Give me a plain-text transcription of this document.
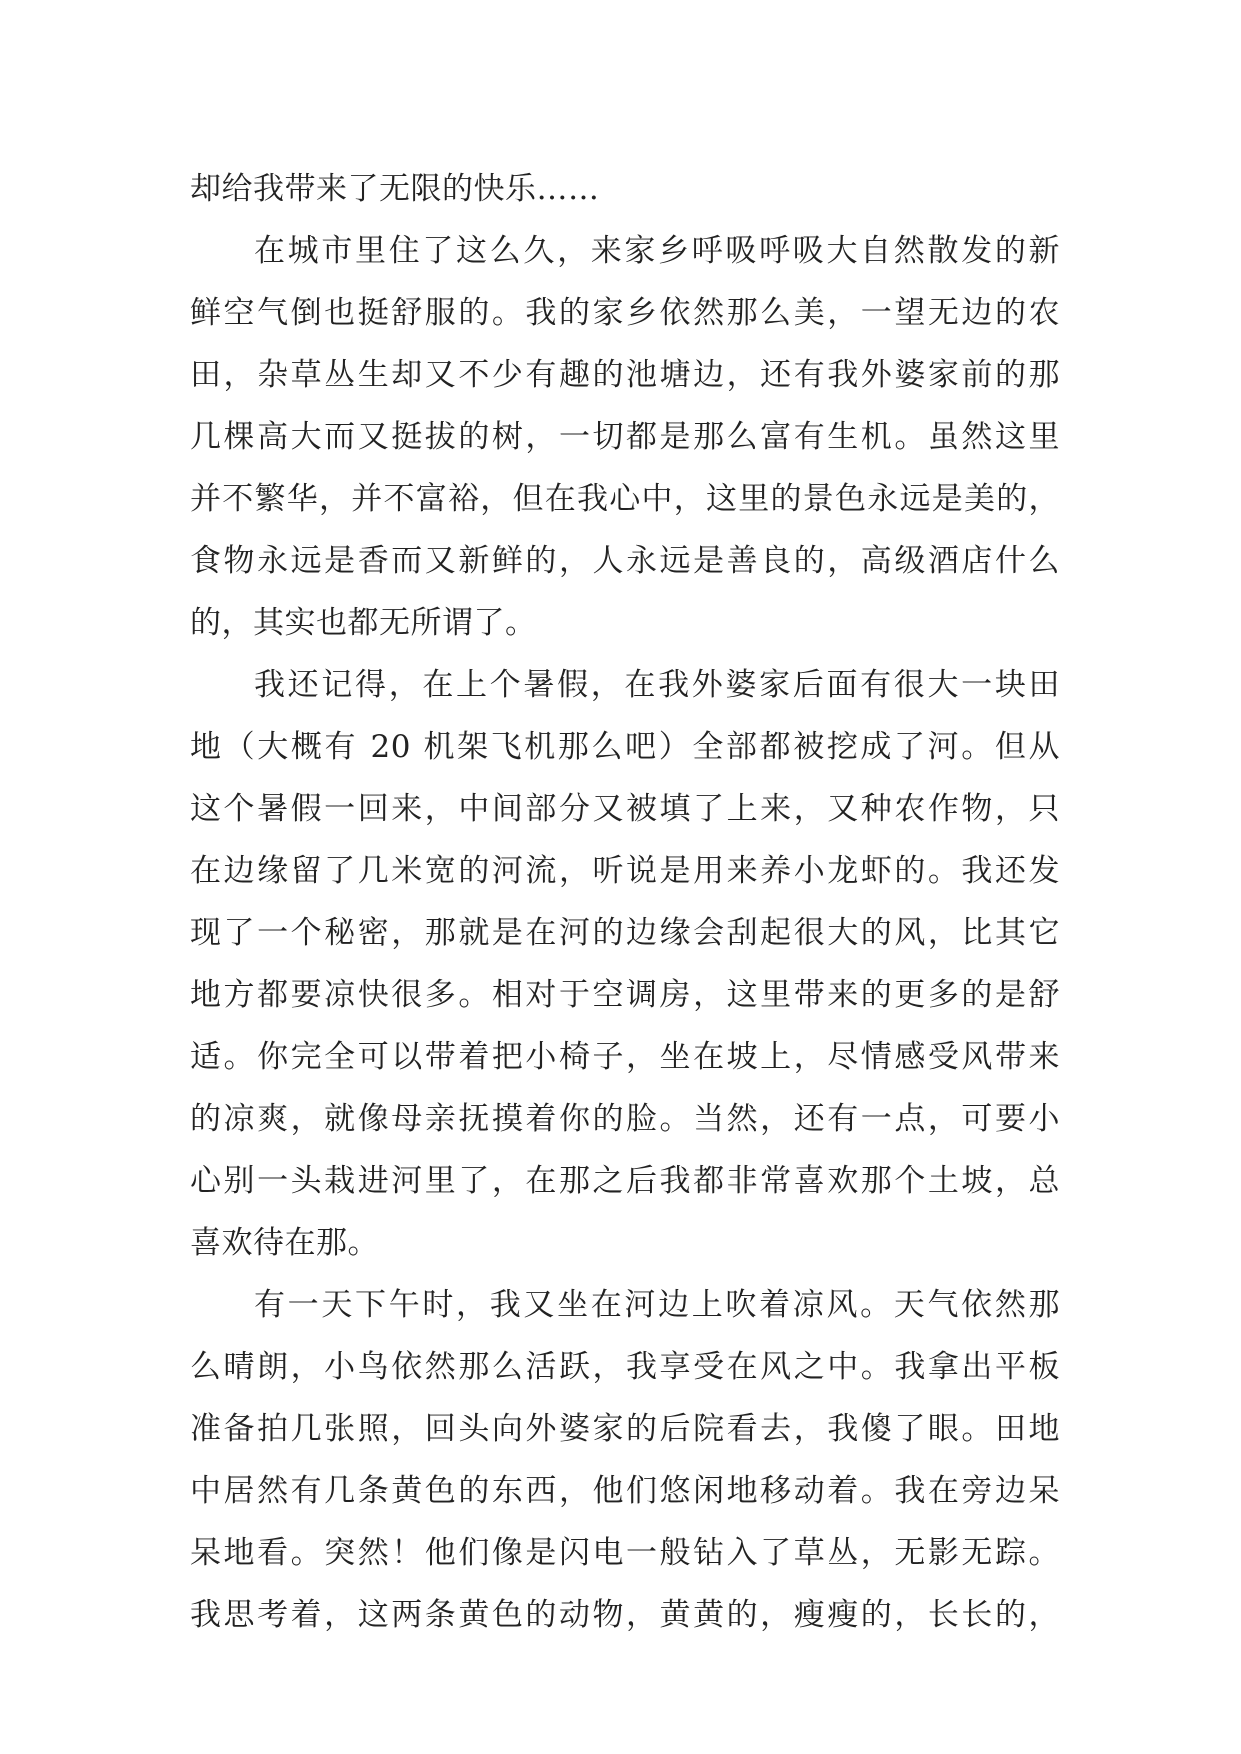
却给我带来了无限的快乐……
在城市里住了这么久，来家乡呼吸呼吸大自然散发的新
鲜空气倒也挺舒服的。我的家乡依然那么美，一望无边的农
田，杂草丛生却又不少有趣的池塘边，还有我外婆家前的那
几棵高大而又挺拔的树，一切都是那么富有生机。虽然这里
并不繁华，并不富裕，但在我心中，这里的景色永远是美的，
食物永远是香而又新鲜的，人永远是善良的，高级酒店什么
的，其实也都无所谓了。
我还记得，在上个暑假，在我外婆家后面有很大一块田
地（大概有 20 机架飞机那么吧）全部都被挖成了河。但从
这个暑假一回来，中间部分又被填了上来，又种农作物，只
在边缘留了几米宽的河流，听说是用来养小龙虾的。我还发
现了一个秘密，那就是在河的边缘会刮起很大的风，比其它
地方都要凉快很多。相对于空调房，这里带来的更多的是舒
适。你完全可以带着把小椅子，坐在坡上，尽情感受风带来
的凉爽，就像母亲抚摸着你的脸。当然，还有一点，可要小
心别一头栽进河里了，在那之后我都非常喜欢那个土坡，总
喜欢待在那。
有一天下午时，我又坐在河边上吹着凉风。天气依然那
么晴朗，小鸟依然那么活跃，我享受在风之中。我拿出平板
准备拍几张照，回头向外婆家的后院看去，我傻了眼。田地
中居然有几条黄色的东西，他们悠闲地移动着。我在旁边呆
呆地看。突然！他们像是闪电一般钻入了草丛，无影无踪。
我思考着，这两条黄色的动物，黄黄的，瘦瘦的，长长的，
